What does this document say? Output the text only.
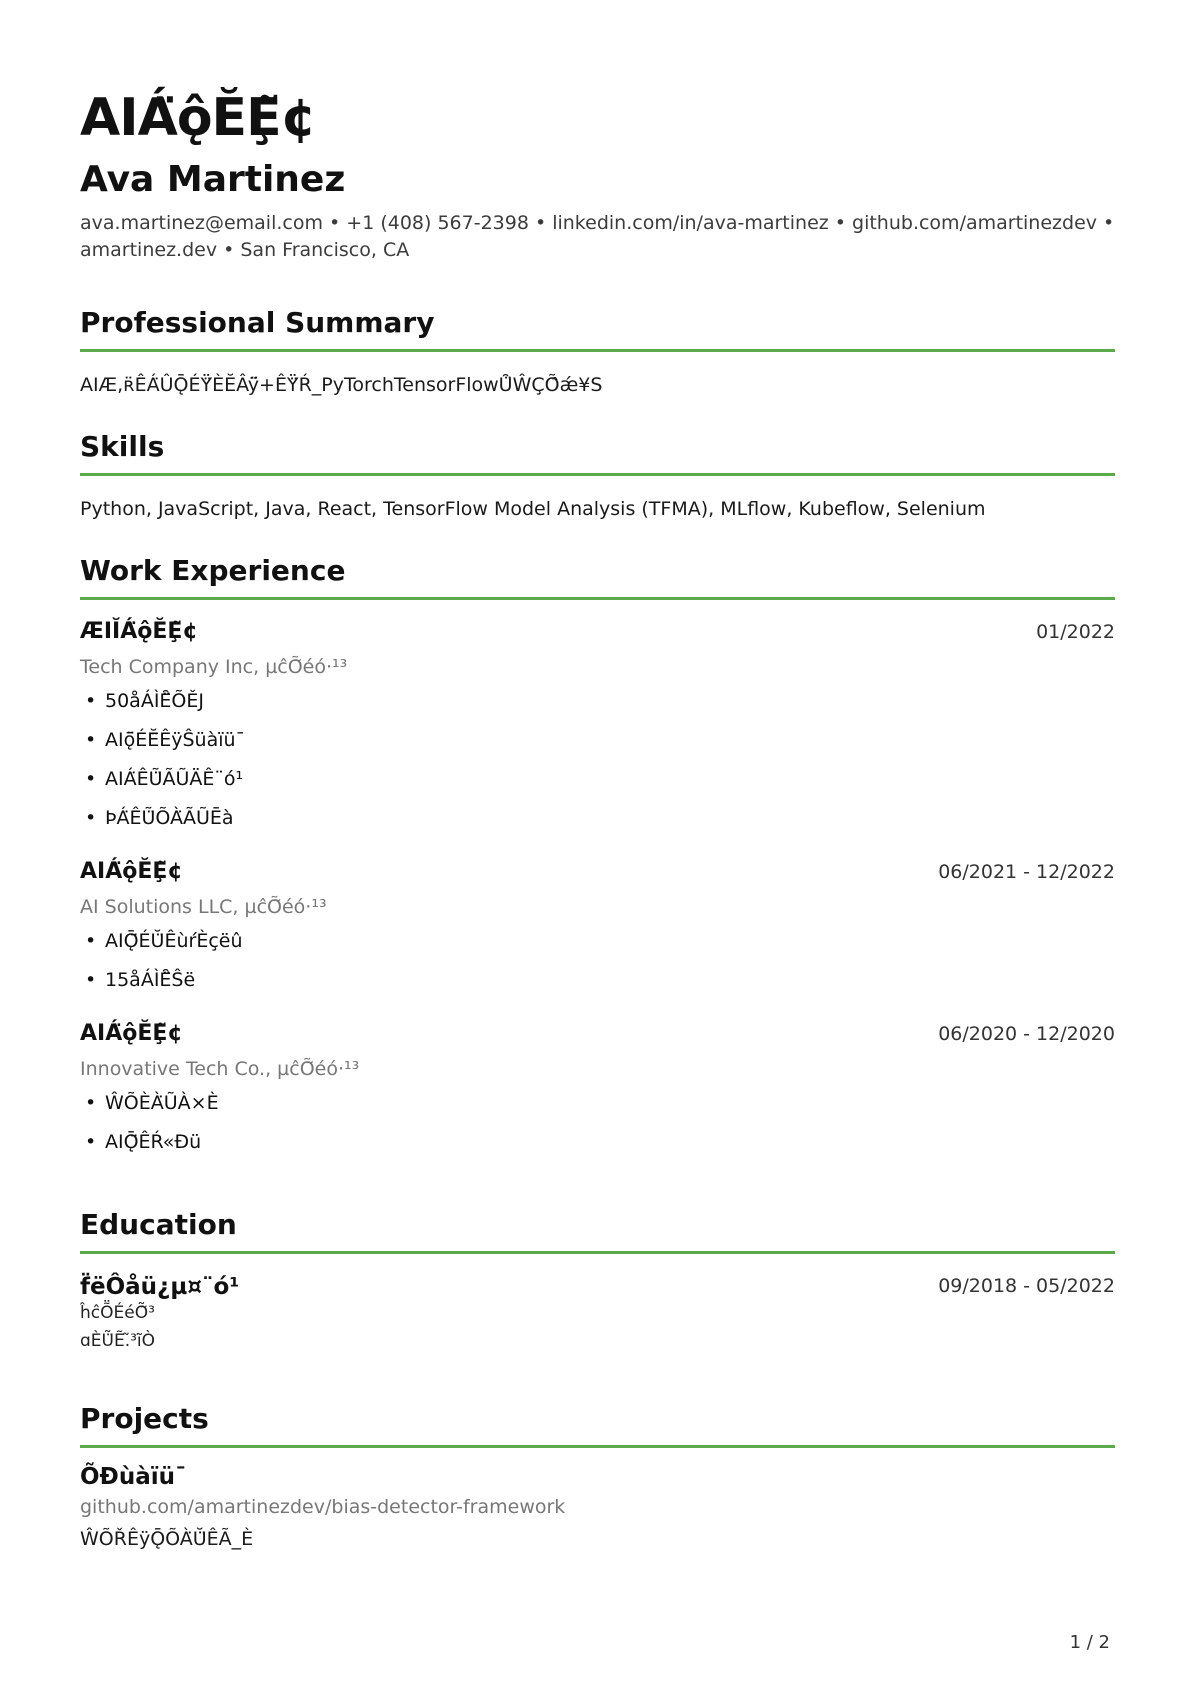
AIÁ̈ǫ̂ĔȨ̃¢
Ava Martinez
ava.martinez@email.com • +1 (408) 567-2398 • linkedin.com/in/ava-martinez • github.com/amartinezdev •
amartinez.dev • San Francisco, CA
Professional Summary
AIÆ,ʀ̈ÊÁ̈ÛǬÉŸ̈ÈĔÂÿ̈+ÊŸ̈Ŕ_PyTorchTensorFlowȖ̈ŴÇÕ̂ǽ¥S
Skills
Python, JavaScript, Java, React, TensorFlow Model Analysis (TFMA), MLflow, Kubeflow, Selenium
Work Experience
ÆIĬÁ̈ǫ̂ĔȨ̃¢	01/2022
Tech Company Inc, µĉÕ̃éó·¹³
• 50åÁÌȆ̈ÕĚJ
• AIǭ̈ÉĔ̈ÊÿŜüàïü¯
• AIÁ̈ÊŨ̈ÃŨÄÊ¨ó¹
• ÞÁ̈ÊŨ̈ÕÀ̈ÃŨĒà
AIÁ̈ǫ̂ĔȨ̃¢	06/2021 - 12/2022
AI Solutions LLC, µĉÕ̃éó·¹³
• AIǬ̈ÉŬ̈ÊùŕÈçëû
• 15åÁÌȆ̈Ŝë
AIÁ̈ǫ̂ĔȨ̃¢	06/2020 - 12/2020
Innovative Tech Co., µĉÕ̃éó·¹³
• ŴÕÈÀ̈ŨÀ×È
• AIǬ̈ÊŔ«Ðü
Education
f̈ëÔåü¿µ¤¨ó¹	09/2018 - 05/2022
ĥĉṎÉéÕ̃³
ɑÈŨ̈Ẽ.̃³ĩÒ
Projects
ÕĐùàïü¯
github.com/amartinezdev/bias-detector-framework
ŴÕŘÊÿǬÕÀ̈Ŭ̈ÊÃ_È
1 / 2
